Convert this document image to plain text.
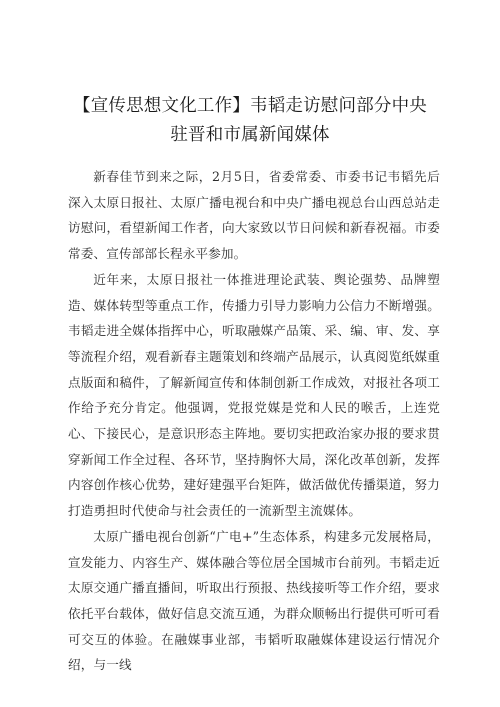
【宣传思想文化工作】韦韬走访慰问部分中央
驻晋和市属新闻媒体

新春佳节到来之际，2月5日，省委常委、市委书记韦韬先后深入太原日报社、太原广播电视台和中央广播电视总台山西总站走访慰问，看望新闻工作者，向大家致以节日问候和新春祝福。市委常委、宣传部部长程永平参加。

近年来，太原日报社一体推进理论武装、舆论强势、品牌塑造、媒体转型等重点工作，传播力引导力影响力公信力不断增强。韦韬走进全媒体指挥中心，听取融媒产品策、采、编、审、发、享等流程介绍，观看新春主题策划和终端产品展示，认真阅览纸媒重点版面和稿件，了解新闻宣传和体制创新工作成效，对报社各项工作给予充分肯定。他强调，党报党媒是党和人民的喉舌，上连党心、下接民心，是意识形态主阵地。要切实把政治家办报的要求贯穿新闻工作全过程、各环节，坚持胸怀大局，深化改革创新，发挥内容创作核心优势，建好建强平台矩阵，做活做优传播渠道，努力打造勇担时代使命与社会责任的一流新型主流媒体。

太原广播电视台创新“广电+”生态体系，构建多元发展格局，宣发能力、内容生产、媒体融合等位居全国城市台前列。韦韬走近太原交通广播直播间，听取出行预报、热线接听等工作介绍，要求依托平台载体，做好信息交流互通，为群众顺畅出行提供可听可看可交互的体验。在融媒事业部，韦韬听取融媒体建设运行情况介绍，与一线
